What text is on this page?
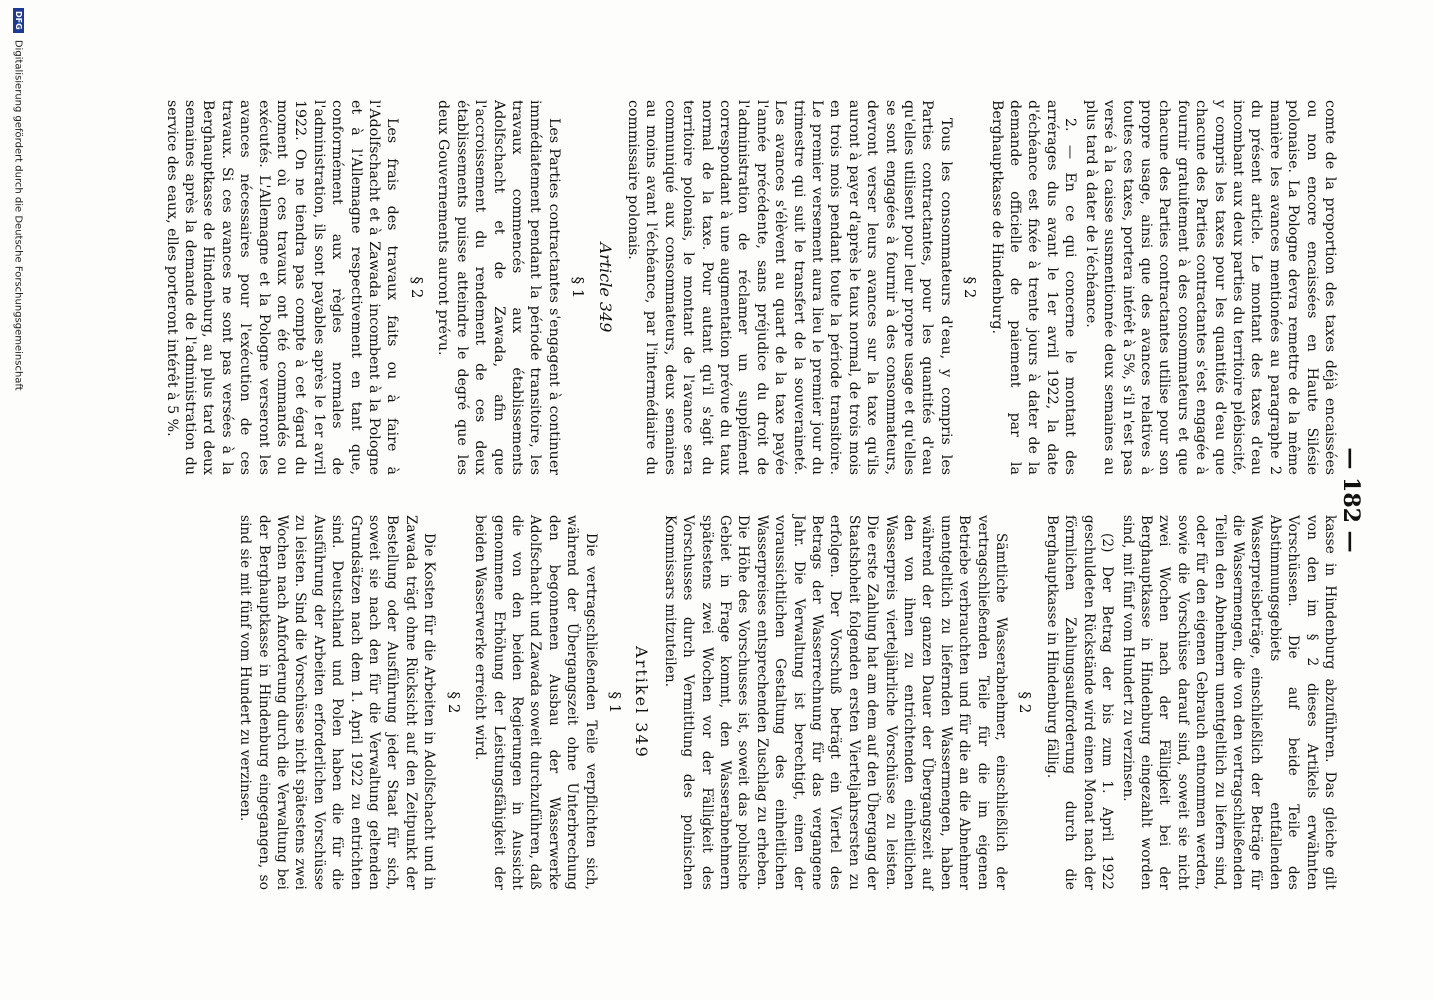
— 182 —

comte de la proportion des taxes déjà encaissées ou non encore encaissées en Haute Silésie polonaise. La Pologne devra remettre de la même manière les avances mentionées au paragraphe 2 du présent article. Le montant des taxes d'eau incombant aux deux parties du territoire plébiscité, y compris les taxes pour les quantités d'eau que chacune des Parties contractantes s'est engagée à fournir gratuitement à des consommateurs et que chacune des Parties contractantes utilise pour son propre usage, ainsi que des avances relatives à toutes ces taxes, portera intérêt à 5%, s'il n'est pas versé à la caisse susmentionnée deux semaines au plus tard à dater de l'échéance.

2. — En ce qui concerne le montant des arrérages dus avant le 1er avril 1922, la date d'échéance est fixée à trente jours à dater de la demande officielle de paiement par la Berghauptkasse de Hindenburg.

§ 2

Tous les consommateurs d'eau, y compris les Parties contractantes, pour les quantités d'eau qu'elles utilisent pour leur propre usage et qu'elles se sont engagées à fournir à des consommateurs, devront verser leurs avances sur la taxe qu'ils auront à payer d'après le taux normal, de trois mois en trois mois pendant toute la période transitoire. Le premier versement aura lieu le premier jour du trimestre qui suit le transfert de la souveraineté. Les avances s'élèvent au quart de la taxe payée l'année précédente, sans préjudice du droit de l'administration de réclamer un supplément correspondant à une augmentation prévue du taux normal de la taxe. Pour autant qu'il s'agit du territoire polonais, le montant de l'avance sera communiqué aux consommateurs, deux semaines au moins avant l'échéance, par l'intermédiaire du commissaire polonais.

Article 349

§ 1

Les Parties contractantes s'engagent à continuer immédiatement pendant la période transitoire, les travaux commencés aux établissements Adolfschacht et de Zawada, afin que l'accroissement du rendement de ces deux établissements puisse atteindre le degré que les deux Gouvernements auront prévu.

§ 2

Les frais des travaux faits ou à faire à l'Adolfschacht et à Zawada incombent à la Pologne et à l'Allemagne respectivement en tant que, conformément aux règles normales de l'administration, ils sont payables après le 1er avril 1922. On ne tiendra pas compte à cet égard du moment où ces travaux ont été commandés ou exécutés. L'Allemagne et la Pologne verseront les avances nécessaires pour l'exécution de ces travaux. Si ces avances ne sont pas versées à la Berghauptkasse de Hindenburg, au plus tard deux semaines après la demande de l'administration du service des eaux, elles porteront intérêt à 5 %.

kasse in Hindenburg abzuführen. Das gleiche gilt von den im § 2 dieses Artikels erwähnten Vorschüssen. Die auf beide Teile des Abstimmungsgebiets entfallenden Wasserpreisbeträge, einschließlich der Beträge für die Wassermengen, die von den vertragschließenden Teilen den Abnehmern unentgeltlich zu liefern sind, oder für den eigenen Gebrauch entnommen werden, sowie die Vorschüsse darauf sind, soweit sie nicht zwei Wochen nach der Fälligkeit bei der Berghauptkasse in Hindenburg eingezahlt worden sind, mit fünf vom Hundert zu verzinsen.

(2) Der Betrag der bis zum 1. April 1922 geschuldeten Rückstände wird einen Monat nach der förmlichen Zahlungsaufforderung durch die Berghauptkasse in Hindenburg fällig.

§ 2

Sämtliche Wasserabnehmer, einschließlich der vertragschließenden Teile für die im eigenen Betriebe verbrauchten und für die an die Abnehmer unentgeltlich zu liefernden Wassermengen, haben während der ganzen Dauer der Übergangszeit auf den von ihnen zu entrichtenden einheitlichen Wasserpreis vierteljährliche Vorschüsse zu leisten. Die erste Zahlung hat am dem auf den Übergang der Staatshoheit folgenden ersten Vierteljahrsersten zu erfolgen. Der Vorschuß beträgt ein Viertel des Betrags der Wasserrechnung für das vergangene Jahr. Die Verwaltung ist berechtigt, einen der voraussichtlichen Gestaltung des einheitlichen Wasserpreises entsprechenden Zuschlag zu erheben. Die Höhe des Vorschusses ist, soweit das polnische Gebiet in Frage kommt, den Wasserabnehmern spätestens zwei Wochen vor der Fälligkeit des Vorschusses durch Vermittlung des polnischen Kommissars mitzuteilen.

Artikel 349

§ 1

Die vertragschließenden Teile verpflichten sich, während der Übergangszeit ohne Unterbrechung den begonnenen Ausbau der Wasserwerke Adolfschacht und Zawada soweit durchzuführen, daß die von den beiden Regierungen in Aussicht genommene Erhöhung der Leistungsfähigkeit der beiden Wasserwerke erreicht wird.

§ 2

Die Kosten für die Arbeiten in Adolfschacht und in Zawada trägt ohne Rücksicht auf den Zeitpunkt der Bestellung oder Ausführung jeder Staat für sich, soweit sie nach den für die Verwaltung geltenden Grundsätzen nach dem 1. April 1922 zu entrichten sind. Deutschland und Polen haben die für die Ausführung der Arbeiten erforderlichen Vorschüsse zu leisten. Sind die Vorschüsse nicht spätestens zwei Wochen nach Anforderung durch die Verwaltung bei der Berghauptkasse in Hindenburg eingegangen, so sind sie mit fünf vom Hundert zu verzinsen.

DFG Digitalisierung gefördert durch die Deutsche Forschungsgemeinschaft
